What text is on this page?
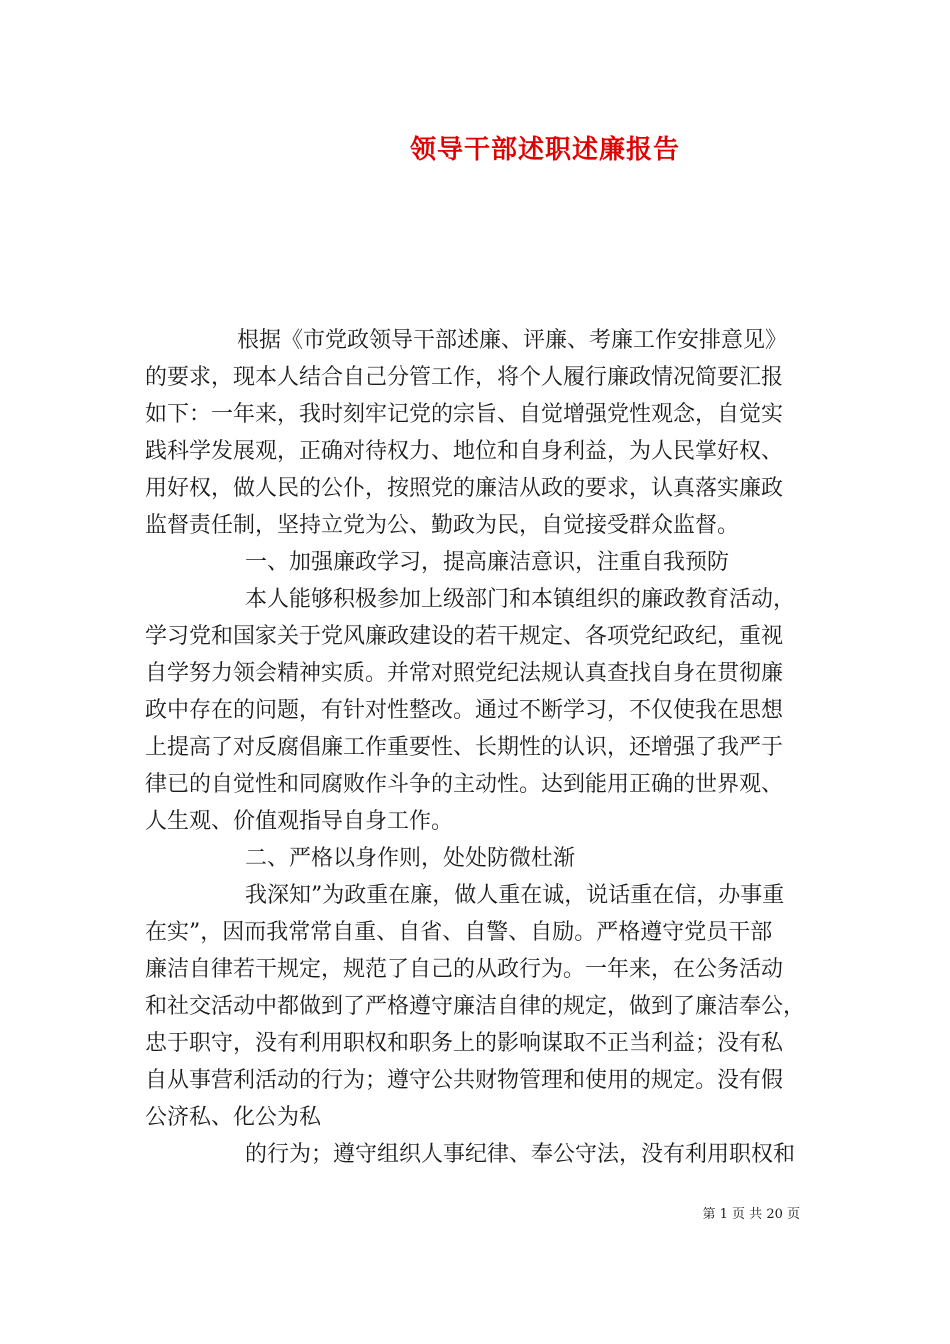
领导干部述职述廉报告
根据《市党政领导干部述廉、评廉、考廉工作安排意见》
的要求，现本人结合自己分管工作，将个人履行廉政情况简要汇报
如下：一年来，我时刻牢记党的宗旨、自觉增强党性观念，自觉实
践科学发展观，正确对待权力、地位和自身利益，为人民掌好权、
用好权，做人民的公仆，按照党的廉洁从政的要求，认真落实廉政
监督责任制，坚持立党为公、勤政为民，自觉接受群众监督。
一、加强廉政学习，提高廉洁意识，注重自我预防
本人能够积极参加上级部门和本镇组织的廉政教育活动，
学习党和国家关于党风廉政建设的若干规定、各项党纪政纪，重视
自学努力领会精神实质。并常对照党纪法规认真查找自身在贯彻廉
政中存在的问题，有针对性整改。通过不断学习，不仅使我在思想
上提高了对反腐倡廉工作重要性、长期性的认识，还增强了我严于
律已的自觉性和同腐败作斗争的主动性。达到能用正确的世界观、
人生观、价值观指导自身工作。
二、严格以身作则，处处防微杜渐
我深知”为政重在廉，做人重在诚，说话重在信，办事重
在实”，因而我常常自重、自省、自警、自励。严格遵守党员干部
廉洁自律若干规定，规范了自己的从政行为。一年来，在公务活动
和社交活动中都做到了严格遵守廉洁自律的规定，做到了廉洁奉公，
忠于职守，没有利用职权和职务上的影响谋取不正当利益；没有私
自从事营利活动的行为；遵守公共财物管理和使用的规定。没有假
公济私、化公为私
的行为；遵守组织人事纪律、奉公守法，没有利用职权和
第 1 页 共 20 页
